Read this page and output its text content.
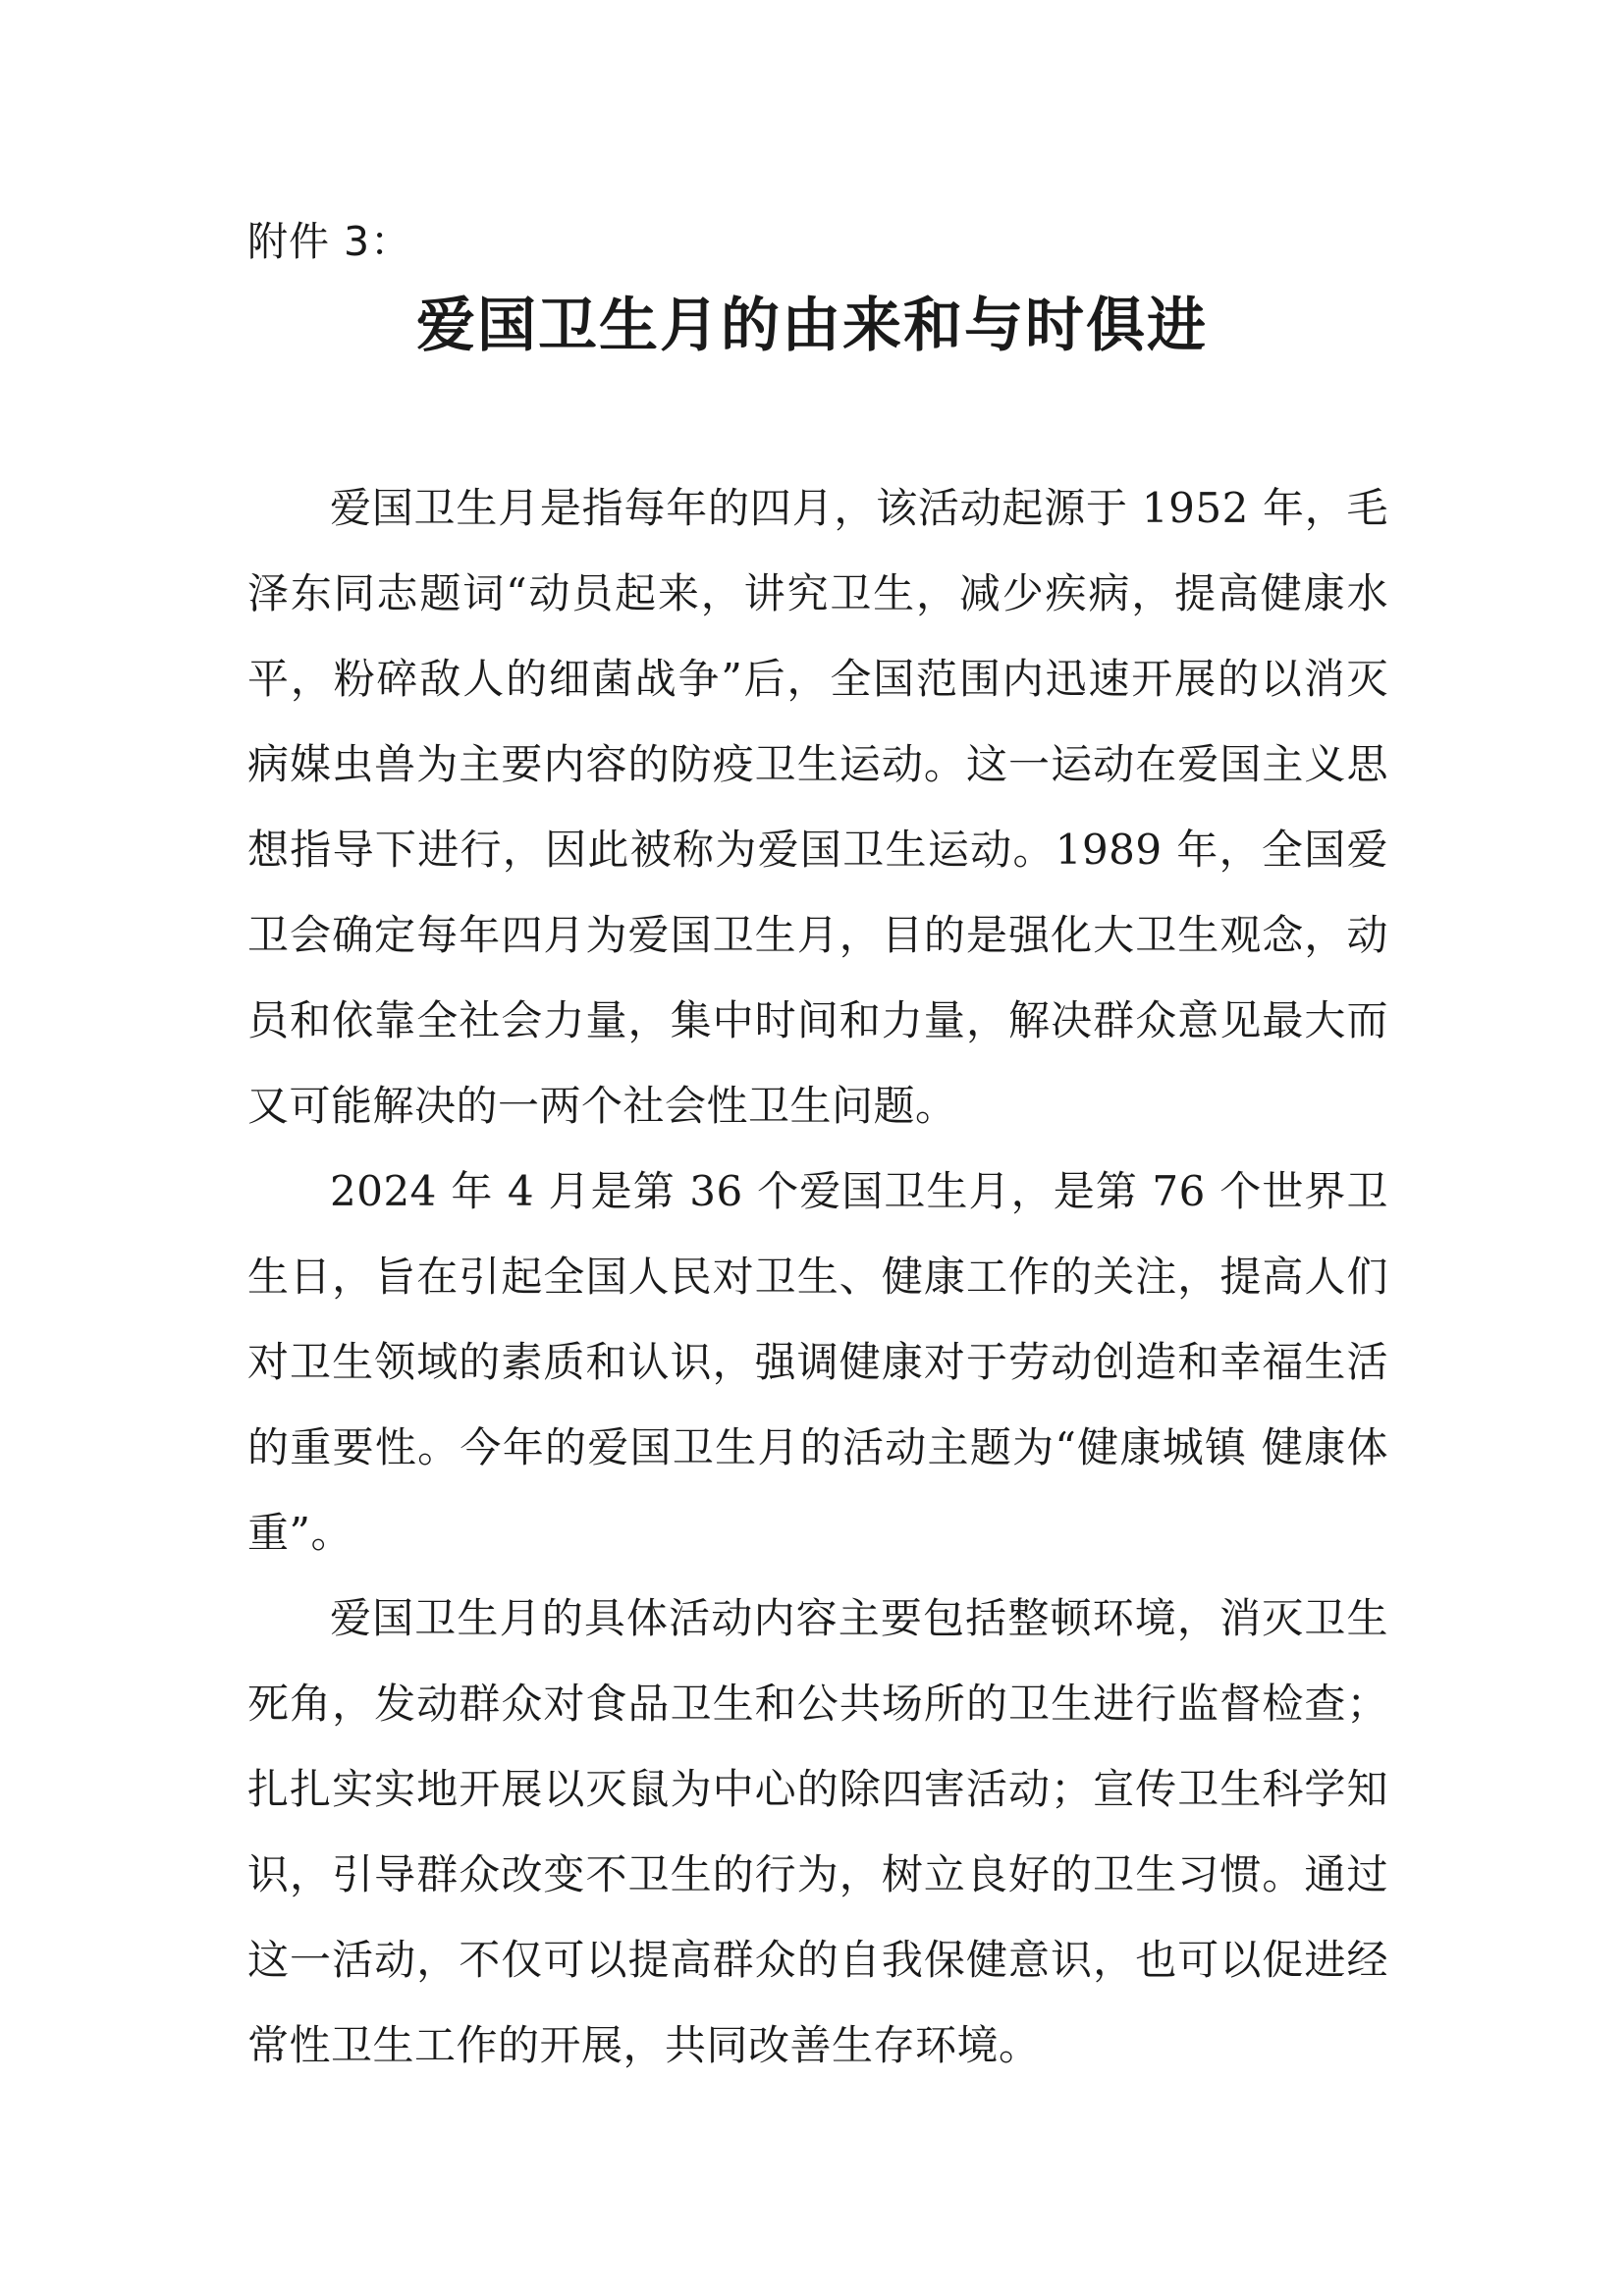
附件 3：
爱国卫生月的由来和与时俱进

爱国卫生月是指每年的四月，该活动起源于 1952 年，毛泽东同志题词“动员起来，讲究卫生，减少疾病，提高健康水平，粉碎敌人的细菌战争”后，全国范围内迅速开展的以消灭病媒虫兽为主要内容的防疫卫生运动。这一运动在爱国主义思想指导下进行，因此被称为爱国卫生运动。1989 年，全国爱卫会确定每年四月为爱国卫生月，目的是强化大卫生观念，动员和依靠全社会力量，集中时间和力量，解决群众意见最大而又可能解决的一两个社会性卫生问题。

2024 年 4 月是第 36 个爱国卫生月，是第 76 个世界卫生日，旨在引起全国人民对卫生、健康工作的关注，提高人们对卫生领域的素质和认识，强调健康对于劳动创造和幸福生活的重要性。今年的爱国卫生月的活动主题为“健康城镇 健康体重”。

爱国卫生月的具体活动内容主要包括整顿环境，消灭卫生死角，发动群众对食品卫生和公共场所的卫生进行监督检查；扎扎实实地开展以灭鼠为中心的除四害活动；宣传卫生科学知识，引导群众改变不卫生的行为，树立良好的卫生习惯。通过这一活动，不仅可以提高群众的自我保健意识，也可以促进经常性卫生工作的开展，共同改善生存环境。
